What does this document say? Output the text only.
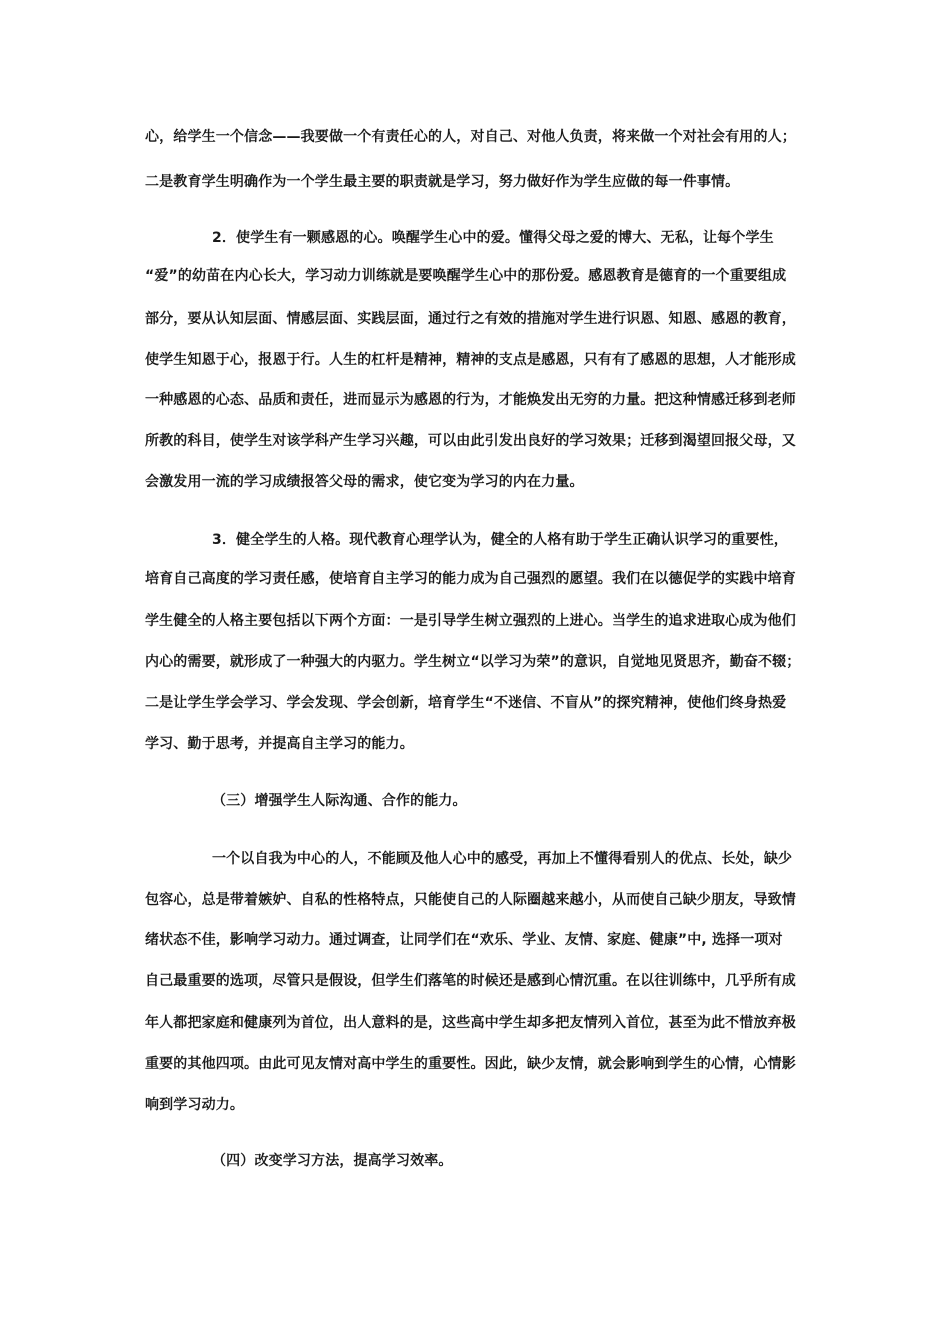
心，给学生一个信念——我要做一个有责任心的人，对自己、对他人负责，将来做一个对社会有用的人；
二是教育学生明确作为一个学生最主要的职责就是学习，努力做好作为学生应做的每一件事情。
2．使学生有一颗感恩的心。唤醒学生心中的爱。懂得父母之爱的博大、无私，让每个学生
“爱”的幼苗在内心长大，学习动力训练就是要唤醒学生心中的那份爱。感恩教育是德育的一个重要组成
部分，要从认知层面、情感层面、实践层面，通过行之有效的措施对学生进行识恩、知恩、感恩的教育，
使学生知恩于心，报恩于行。人生的杠杆是精神，精神的支点是感恩，只有有了感恩的思想，人才能形成
一种感恩的心态、品质和责任，进而显示为感恩的行为，才能焕发出无穷的力量。把这种情感迁移到老师
所教的科目，使学生对该学科产生学习兴趣，可以由此引发出良好的学习效果；迁移到渴望回报父母，又
会激发用一流的学习成绩报答父母的需求，使它变为学习的内在力量。
3．健全学生的人格。现代教育心理学认为，健全的人格有助于学生正确认识学习的重要性，
培育自己高度的学习责任感，使培育自主学习的能力成为自己强烈的愿望。我们在以德促学的实践中培育
学生健全的人格主要包括以下两个方面：一是引导学生树立强烈的上进心。当学生的追求进取心成为他们
内心的需要，就形成了一种强大的内驱力。学生树立“以学习为荣”的意识，自觉地见贤思齐，勤奋不辍；
二是让学生学会学习、学会发现、学会创新，培育学生“不迷信、不盲从”的探究精神，使他们终身热爱
学习、勤于思考，并提高自主学习的能力。
（三）增强学生人际沟通、合作的能力。
一个以自我为中心的人，不能顾及他人心中的感受，再加上不懂得看别人的优点、长处，缺少
包容心，总是带着嫉妒、自私的性格特点，只能使自己的人际圈越来越小，从而使自己缺少朋友，导致情
绪状态不佳，影响学习动力。通过调查，让同学们在“欢乐、学业、友情、家庭、健康”中, 选择一项对
自己最重要的选项，尽管只是假设，但学生们落笔的时候还是感到心情沉重。在以往训练中，几乎所有成
年人都把家庭和健康列为首位，出人意料的是，这些高中学生却多把友情列入首位，甚至为此不惜放弃极
重要的其他四项。由此可见友情对高中学生的重要性。因此，缺少友情，就会影响到学生的心情，心情影
响到学习动力。
（四）改变学习方法，提高学习效率。
